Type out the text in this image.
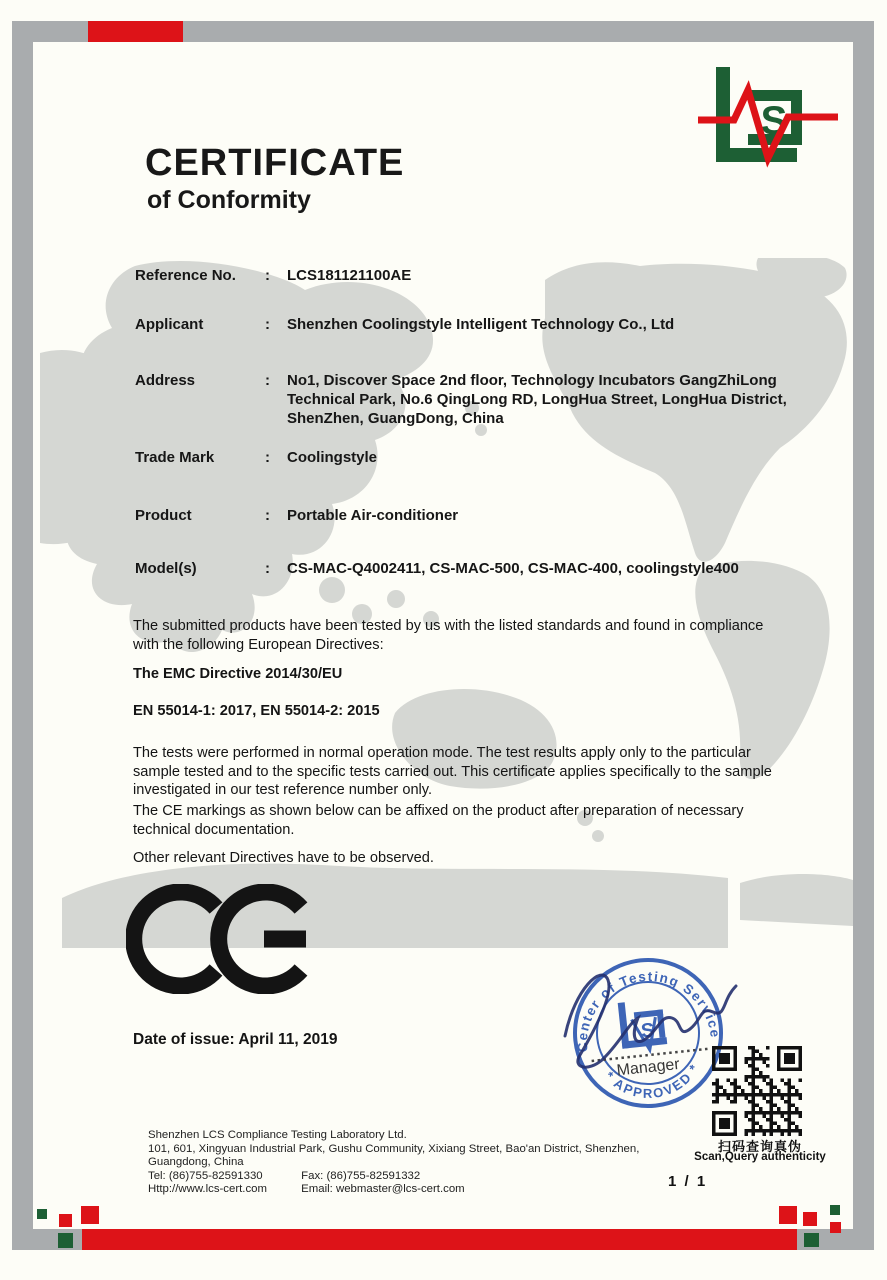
S
CERTIFICATE
of Conformity
Reference No.	:	LCS181121100AE
Applicant	:	Shenzhen Coolingstyle Intelligent Technology Co., Ltd
Address	:	No1, Discover Space 2nd floor, Technology Incubators GangZhiLong Technical Park, No.6 QingLong RD, LongHua Street, LongHua District, ShenZhen, GuangDong, China
Trade Mark	:	Coolingstyle
Product	:	Portable Air-conditioner
Model(s)	:	CS-MAC-Q4002411, CS-MAC-500, CS-MAC-400, coolingstyle400
The submitted products have been tested by us with the listed standards and found in compliance with the following European Directives:
The EMC Directive 2014/30/EU
EN 55014-1: 2017, EN 55014-2: 2015
The tests were performed in normal operation mode. The test results apply only to the particular sample tested and to the specific tests carried out. This certificate applies specifically to the sample investigated in our test reference number only.
The CE markings as shown below can be affixed on the product after preparation of necessary technical documentation.
Other relevant Directives have to be observed.
Date of issue: April 11, 2019	Center of Testing Service
* APPROVED *
S
Manager
扫码查询真伪
Scan,Query authenticity
Shenzhen LCS Compliance Testing Laboratory Ltd.
101, 601, Xingyuan Industrial Park, Gushu Community, Xixiang Street, Bao'an District, Shenzhen,
Guangdong, China
Tel: (86)755-82591330	Fax: (86)755-82591332
Http://www.lcs-cert.com	Email: webmaster@lcs-cert.com	1 / 1
